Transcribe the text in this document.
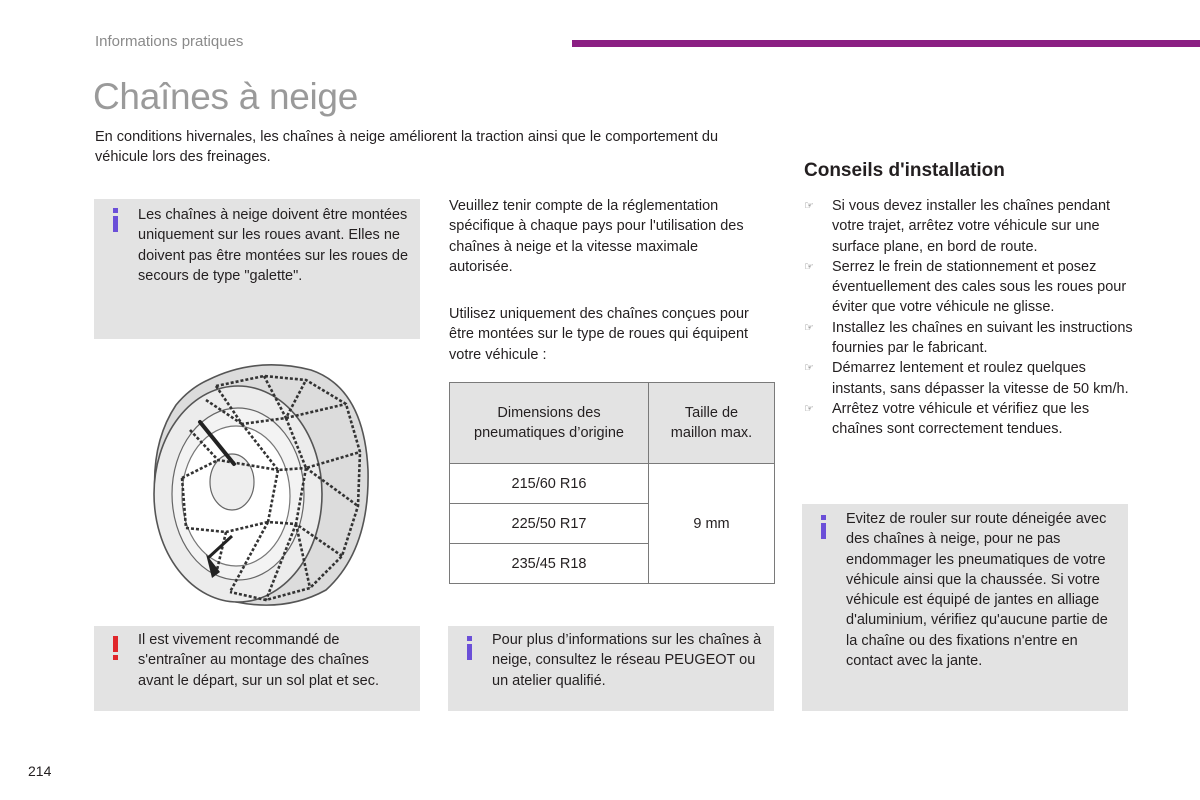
Informations pratiques
Chaînes à neige
En conditions hivernales, les chaînes à neige améliorent la traction ainsi que le comportement du véhicule lors des freinages.
Les chaînes à neige doivent être montées uniquement sur les roues avant. Elles ne doivent pas être montées sur les roues de secours de type "galette".
Il est vivement recommandé de s'entraîner au montage des chaînes avant le départ, sur un sol plat et sec.
Veuillez tenir compte de la réglementation spécifique à chaque pays pour l'utilisation des chaînes à neige et la vitesse maximale autorisée.
Utilisez uniquement des chaînes conçues pour être montées sur le type de roues qui équipent votre véhicule :
Dimensions des pneumatiques d’origine	Taille de maillon max.
215/60 R16	9 mm
225/50 R17	
235/45 R18	
Pour plus d’informations sur les chaînes à neige, consultez le réseau PEUGEOT ou un atelier qualifié.
Conseils d'installation
☞	Si vous devez installer les chaînes pendant votre trajet, arrêtez votre véhicule sur une surface plane, en bord de route.
☞	Serrez le frein de stationnement et posez éventuellement des cales sous les roues pour éviter que votre véhicule ne glisse.
☞	Installez les chaînes en suivant les instructions fournies par le fabricant.
☞	Démarrez lentement et roulez quelques instants, sans dépasser la vitesse de 50 km/h.
☞	Arrêtez votre véhicule et vérifiez que les chaînes sont correctement tendues.
Evitez de rouler sur route déneigée avec des chaînes à neige, pour ne pas endommager les pneumatiques de votre véhicule ainsi que la chaussée. Si votre véhicule est équipé de jantes en alliage d'aluminium, vérifiez qu'aucune partie de la chaîne ou des fixations n'entre en contact avec la jante.
214
